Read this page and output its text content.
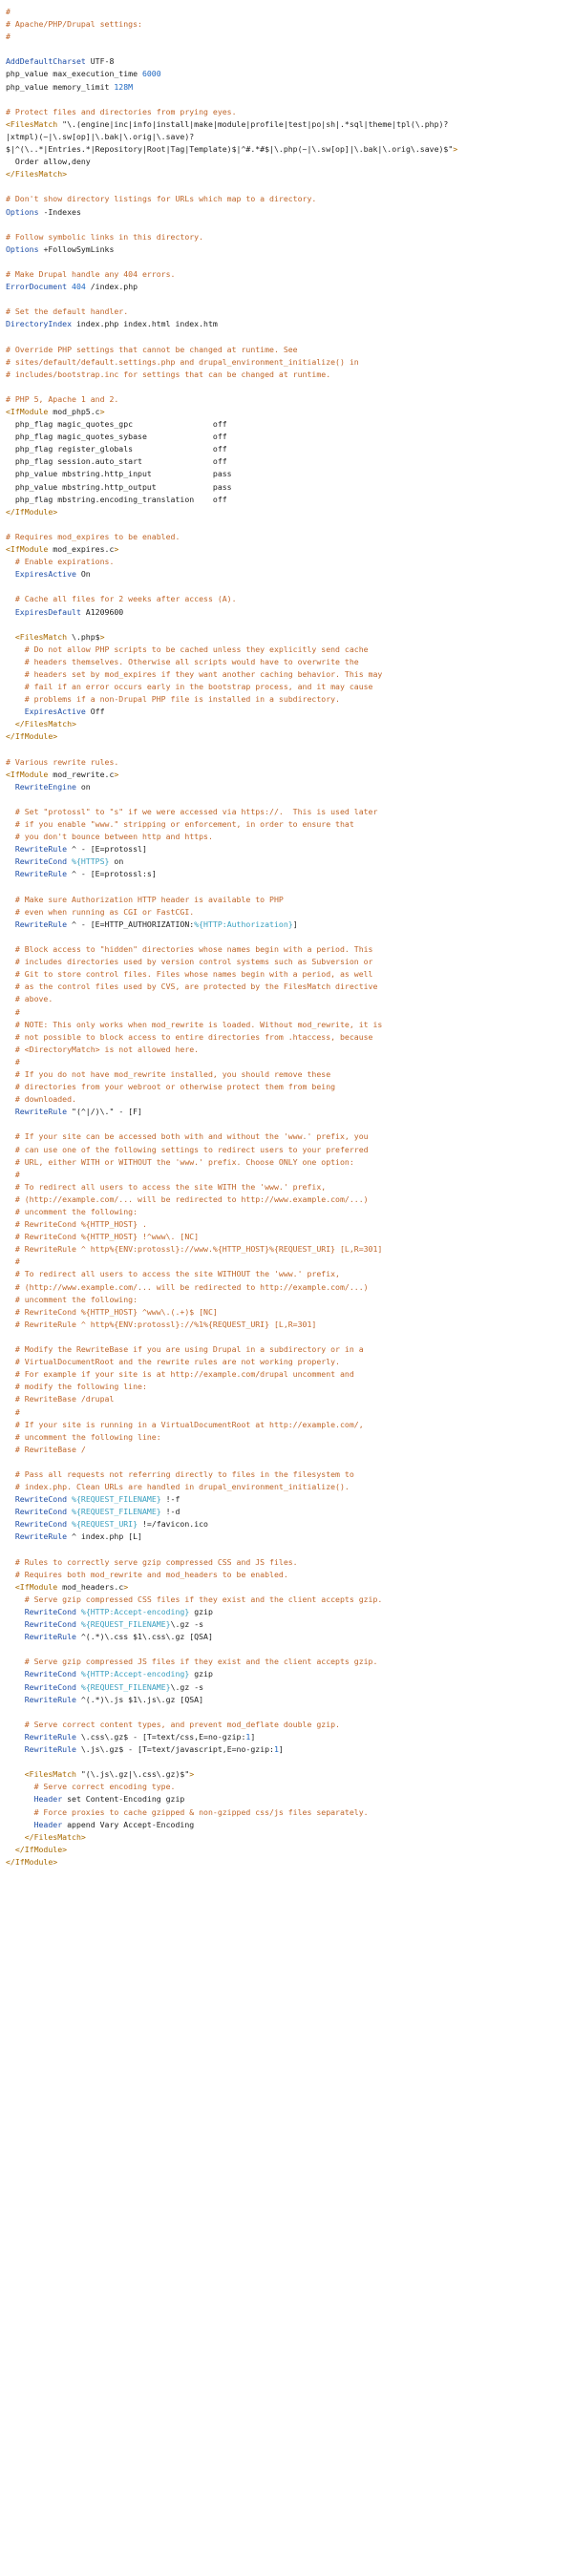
#
# Apache/PHP/Drupal settings:
#

AddDefaultCharset UTF-8
php_value max_execution_time 6000
php_value memory_limit 128M

# Protect files and directories from prying eyes.
<FilesMatch "\.(engine|inc|info|install|make|module|profile|test|po|sh|.*sql|theme|tpl(\.php)?
|xtmpl)(~|\.sw[op]|\.bak|\.orig|\.save)?
$|^(\..*|Entries.*|Repository|Root|Tag|Template)$|^#.*#$|\.php(~|\.sw[op]|\.bak|\.orig\.save)$">
Order allow,deny
</FilesMatch>

# Don't show directory listings for URLs which map to a directory.
Options -Indexes

# Follow symbolic links in this directory.
Options +FollowSymLinks

# Make Drupal handle any 404 errors.
ErrorDocument 404 /index.php

# Set the default handler.
DirectoryIndex index.php index.html index.htm

# Override PHP settings that cannot be changed at runtime. See
# sites/default/default.settings.php and drupal_environment_initialize() in
# includes/bootstrap.inc for settings that can be changed at runtime.

# PHP 5, Apache 1 and 2.
<IfModule mod_php5.c>
php_flag magic_quotes_gpc                 off
php_flag magic_quotes_sybase              off
php_flag register_globals                 off
php_flag session.auto_start               off
php_value mbstring.http_input             pass
php_value mbstring.http_output            pass
php_flag mbstring.encoding_translation    off
</IfModule>

# Requires mod_expires to be enabled.
<IfModule mod_expires.c>
# Enable expirations.
ExpiresActive On

# Cache all files for 2 weeks after access (A).
ExpiresDefault A1209600

<FilesMatch \.php$>
# Do not allow PHP scripts to be cached unless they explicitly send cache
# headers themselves. Otherwise all scripts would have to overwrite the
# headers set by mod_expires if they want another caching behavior. This may
# fail if an error occurs early in the bootstrap process, and it may cause
# problems if a non-Drupal PHP file is installed in a subdirectory.
ExpiresActive Off
</FilesMatch>
</IfModule>

# Various rewrite rules.
<IfModule mod_rewrite.c>
RewriteEngine on

# Set "protossl" to "s" if we were accessed via https://.  This is used later
# if you enable "www." stripping or enforcement, in order to ensure that
# you don't bounce between http and https.
RewriteRule ^ - [E=protossl]
RewriteCond %{HTTPS} on
RewriteRule ^ - [E=protossl:s]

# Make sure Authorization HTTP header is available to PHP
# even when running as CGI or FastCGI.
RewriteRule ^ - [E=HTTP_AUTHORIZATION:%{HTTP:Authorization}]

# Block access to "hidden" directories whose names begin with a period. This
# includes directories used by version control systems such as Subversion or
# Git to store control files. Files whose names begin with a period, as well
# as the control files used by CVS, are protected by the FilesMatch directive
# above.
#
# NOTE: This only works when mod_rewrite is loaded. Without mod_rewrite, it is
# not possible to block access to entire directories from .htaccess, because
# <DirectoryMatch> is not allowed here.
#
# If you do not have mod_rewrite installed, you should remove these
# directories from your webroot or otherwise protect them from being
# downloaded.
RewriteRule "(^|/)\." - [F]

# If your site can be accessed both with and without the 'www.' prefix, you
# can use one of the following settings to redirect users to your preferred
# URL, either WITH or WITHOUT the 'www.' prefix. Choose ONLY one option:
#
# To redirect all users to access the site WITH the 'www.' prefix,
# (http://example.com/... will be redirected to http://www.example.com/...)
# uncomment the following:
# RewriteCond %{HTTP_HOST} .
# RewriteCond %{HTTP_HOST} !^www\. [NC]
# RewriteRule ^ http%{ENV:protossl}://www.%{HTTP_HOST}%{REQUEST_URI} [L,R=301]
#
# To redirect all users to access the site WITHOUT the 'www.' prefix,
# (http://www.example.com/... will be redirected to http://example.com/...)
# uncomment the following:
# RewriteCond %{HTTP_HOST} ^www\.(.+)$ [NC]
# RewriteRule ^ http%{ENV:protossl}://%1%{REQUEST_URI} [L,R=301]

# Modify the RewriteBase if you are using Drupal in a subdirectory or in a
# VirtualDocumentRoot and the rewrite rules are not working properly.
# For example if your site is at http://example.com/drupal uncomment and
# modify the following line:
# RewriteBase /drupal
#
# If your site is running in a VirtualDocumentRoot at http://example.com/,
# uncomment the following line:
# RewriteBase /

# Pass all requests not referring directly to files in the filesystem to
# index.php. Clean URLs are handled in drupal_environment_initialize().
RewriteCond %{REQUEST_FILENAME} !-f
RewriteCond %{REQUEST_FILENAME} !-d
RewriteCond %{REQUEST_URI} !=/favicon.ico
RewriteRule ^ index.php [L]

# Rules to correctly serve gzip compressed CSS and JS files.
# Requires both mod_rewrite and mod_headers to be enabled.
<IfModule mod_headers.c>
# Serve gzip compressed CSS files if they exist and the client accepts gzip.
RewriteCond %{HTTP:Accept-encoding} gzip
RewriteCond %{REQUEST_FILENAME}\.gz -s
RewriteRule ^(.*)\.css $1\.css\.gz [QSA]

# Serve gzip compressed JS files if they exist and the client accepts gzip.
RewriteCond %{HTTP:Accept-encoding} gzip
RewriteCond %{REQUEST_FILENAME}\.gz -s
RewriteRule ^(.*)\.js $1\.js\.gz [QSA]

# Serve correct content types, and prevent mod_deflate double gzip.
RewriteRule \.css\.gz$ - [T=text/css,E=no-gzip:1]
RewriteRule \.js\.gz$ - [T=text/javascript,E=no-gzip:1]

<FilesMatch "(\.js\.gz|\.css\.gz)$">
# Serve correct encoding type.
Header set Content-Encoding gzip
# Force proxies to cache gzipped & non-gzipped css/js files separately.
Header append Vary Accept-Encoding
</FilesMatch>
</IfModule>
</IfModule>
